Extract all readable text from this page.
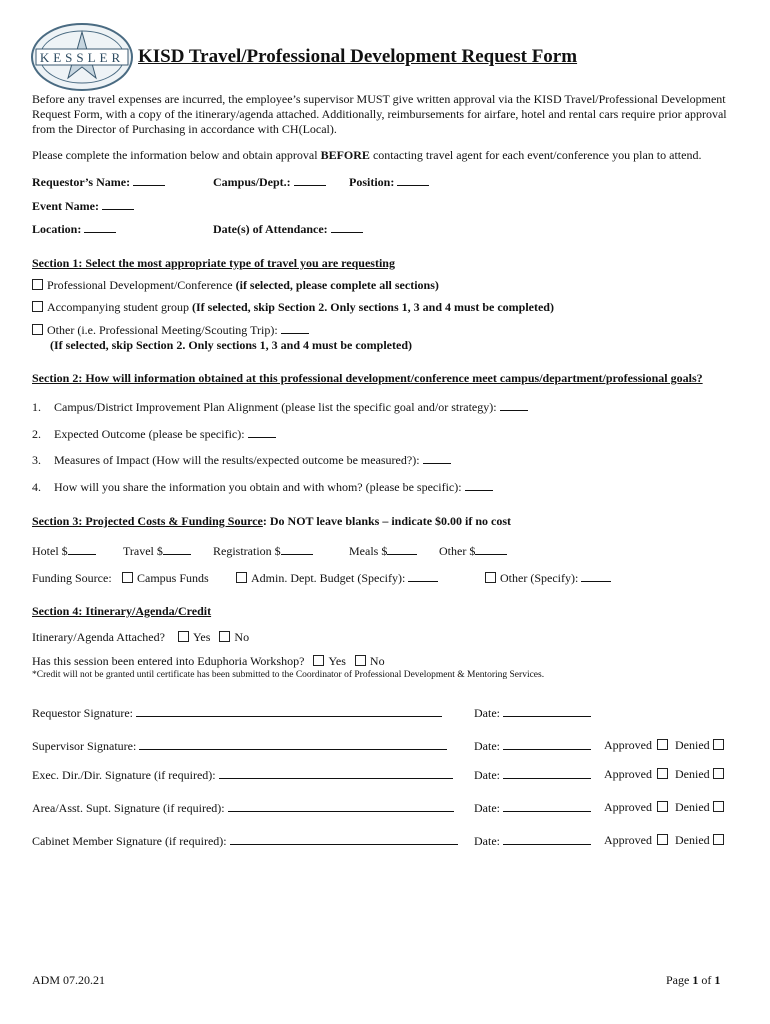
KESSLER KISD Travel/Professional Development Request Form
Before any travel expenses are incurred, the employee’s supervisor MUST give written approval via the KISD Travel/Professional Development Request Form, with a copy of the itinerary/agenda attached. Additionally, reimbursements for airfare, hotel and rental cars require prior approval from the Director of Purchasing in accordance with CH(Local).
Please complete the information below and obtain approval BEFORE contacting travel agent for each event/conference you plan to attend.
Requestor’s Name:	Campus/Dept.:	Position:
Event Name:
Location:	Date(s) of Attendance:
Section 1: Select the most appropriate type of travel you are requesting
Professional Development/Conference (if selected, please complete all sections)
Accompanying student group (If selected, skip Section 2. Only sections 1, 3 and 4 must be completed)
Other (i.e. Professional Meeting/Scouting Trip):
(If selected, skip Section 2. Only sections 1, 3 and 4 must be completed)
Section 2: How will information obtained at this professional development/conference meet campus/department/professional goals?
1. Campus/District Improvement Plan Alignment (please list the specific goal and/or strategy):
2. Expected Outcome (please be specific):
3. Measures of Impact (How will the results/expected outcome be measured?):
4. How will you share the information you obtain and with whom? (please be specific):
Section 3: Projected Costs & Funding Source: Do NOT leave blanks – indicate $0.00 if no cost
Hotel $	Travel $	Registration $	Meals $	Other $
Funding Source:	Campus Funds	Admin. Dept. Budget (Specify):	Other (Specify):
Section 4: Itinerary/Agenda/Credit
Itinerary/Agenda Attached? Yes No
Has this session been entered into Eduphoria Workshop? Yes No
*Credit will not be granted until certificate has been submitted to the Coordinator of Professional Development & Mentoring Services.
Requestor Signature:	Date:
Supervisor Signature:	Date:	Approved Denied
Exec. Dir./Dir. Signature (if required):	Date:	Approved Denied
Area/Asst. Supt. Signature (if required):	Date:	Approved Denied
Cabinet Member Signature (if required):	Date:	Approved Denied
ADM 07.20.21	Page 1 of 1
